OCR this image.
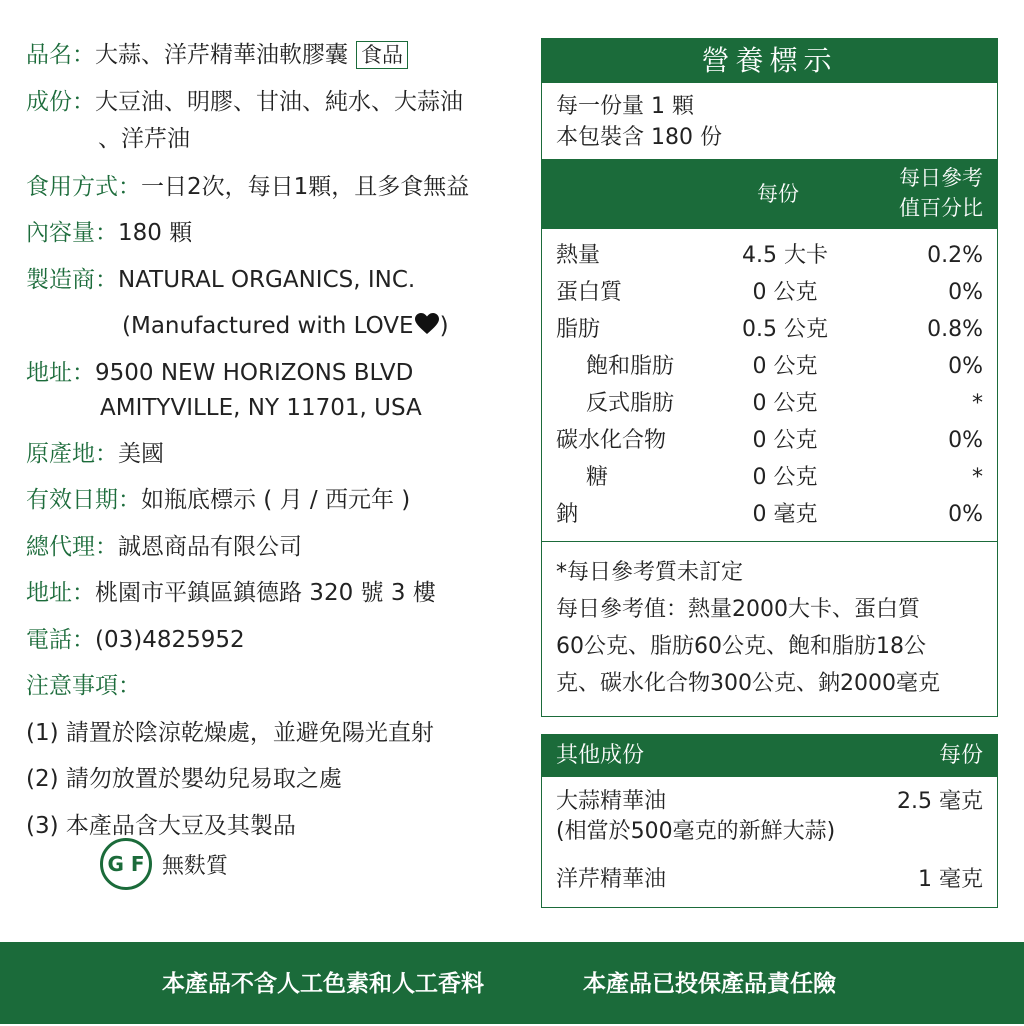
品名：大蒜、洋芹精華油軟膠囊 食品
成份：大豆油、明膠、甘油、純水、大蒜油
、洋芹油
食用方式：一日2次，每日1顆，且多食無益
內容量：180 顆
製造商：NATURAL ORGANICS, INC.
(Manufactured with LOVE )
地址：9500 NEW HORIZONS BLVD
AMITYVILLE, NY 11701, USA
原產地：美國
有效日期：如瓶底標示 ( 月 / 西元年 )
總代理：誠恩商品有限公司
地址：桃園市平鎮區鎮德路 320 號 3 樓
電話：(03)4825952
注意事項：
(1) 請置於陰涼乾燥處，並避免陽光直射
(2) 請勿放置於嬰幼兒易取之處
(3) 本產品含大豆及其製品
G F 無麩質
營養標示
每一份量 1 顆
本包裝含 180 份
每份
每日參考
值百分比
熱量	4.5 大卡	0.2%
蛋白質	0 公克	0%
脂肪	0.5 公克	0.8%
飽和脂肪	0 公克	0%
反式脂肪	0 公克	*
碳水化合物	0 公克	0%
糖	0 公克	*
鈉	0 毫克	0%
*每日參考質未訂定
每日參考值：熱量2000大卡、蛋白質
60公克、脂肪60公克、飽和脂肪18公
克、碳水化合物300公克、鈉2000毫克
其他成份	每份
大蒜精華油	2.5 毫克
(相當於500毫克的新鮮大蒜)
洋芹精華油	1 毫克
本產品不含人工色素和人工香料	本產品已投保產品責任險
